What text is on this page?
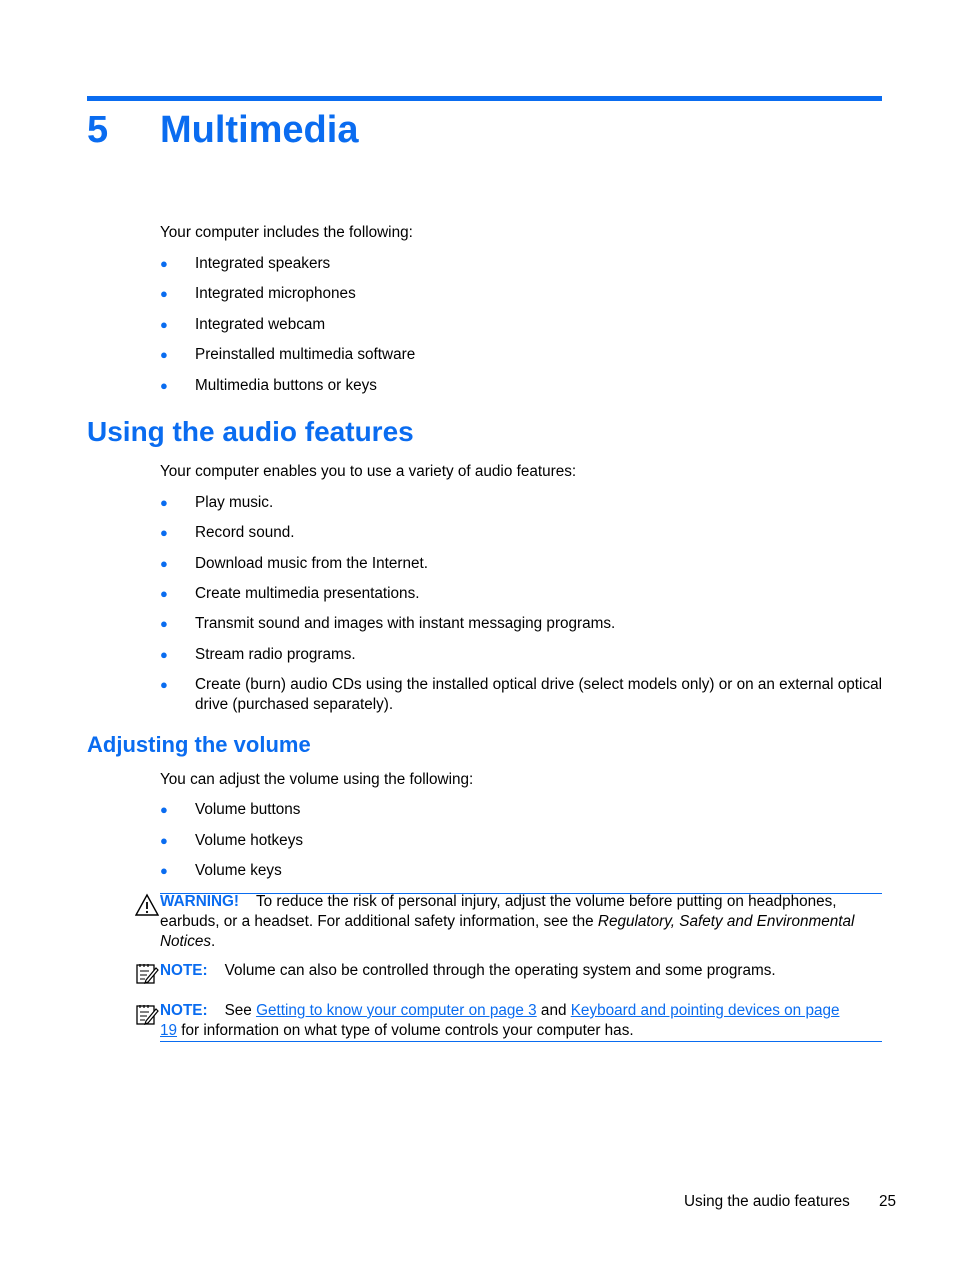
5 Multimedia
Your computer includes the following:
● Integrated speakers
● Integrated microphones
● Integrated webcam
● Preinstalled multimedia software
● Multimedia buttons or keys
Using the audio features
Your computer enables you to use a variety of audio features:
● Play music.
● Record sound.
● Download music from the Internet.
● Create multimedia presentations.
● Transmit sound and images with instant messaging programs.
● Stream radio programs.
● Create (burn) audio CDs using the installed optical drive (select models only) or on an external optical drive (purchased separately).
Adjusting the volume
You can adjust the volume using the following:
● Volume buttons
● Volume hotkeys
● Volume keys
WARNING! To reduce the risk of personal injury, adjust the volume before putting on headphones, earbuds, or a headset. For additional safety information, see the Regulatory, Safety and Environmental Notices.
NOTE: Volume can also be controlled through the operating system and some programs.
NOTE: See Getting to know your computer on page 3 and Keyboard and pointing devices on page 19 for information on what type of volume controls your computer has.
Using the audio features 25
